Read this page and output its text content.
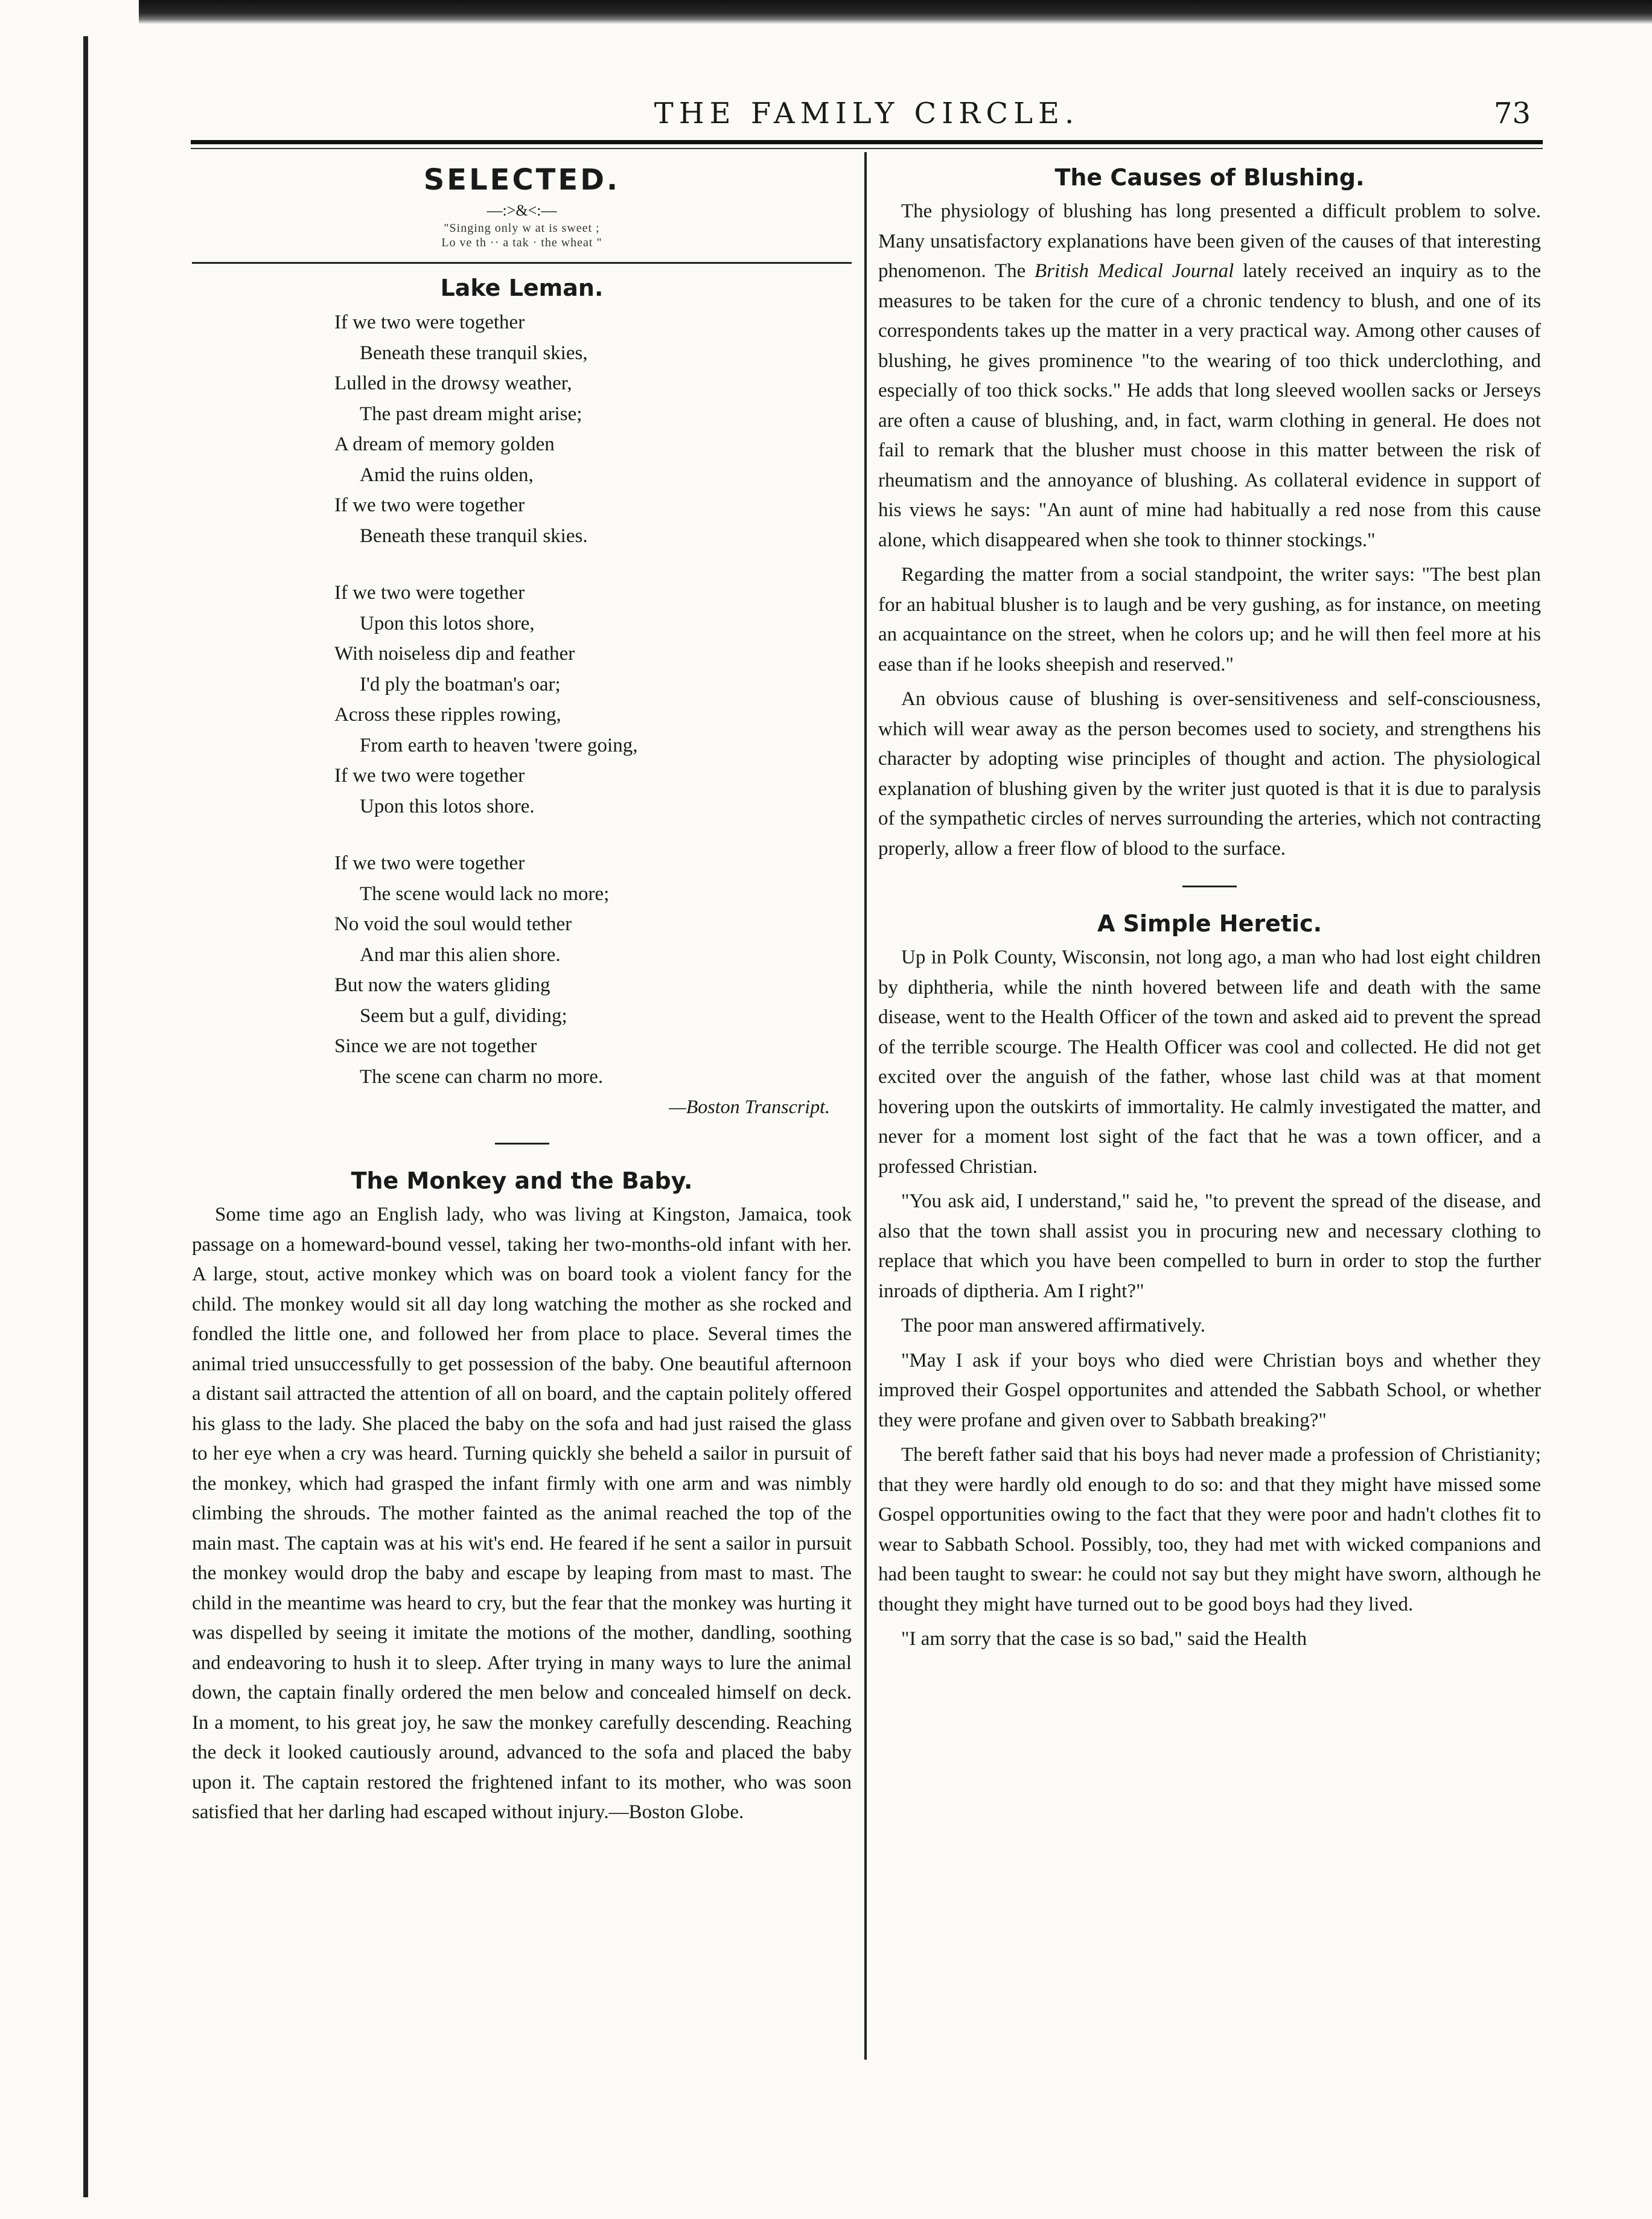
THE FAMILY CIRCLE.	73
SELECTED.
—:>&<:—
"Singing only w at is sweet ;
Lo ve th ·· a tak · the wheat "
Lake Leman.
If we two were together
Beneath these tranquil skies,
Lulled in the drowsy weather,
The past dream might arise;
A dream of memory golden
Amid the ruins olden,
If we two were together
Beneath these tranquil skies.
If we two were together
Upon this lotos shore,
With noiseless dip and feather
I'd ply the boatman's oar;
Across these ripples rowing,
From earth to heaven 'twere going,
If we two were together
Upon this lotos shore.
If we two were together
The scene would lack no more;
No void the soul would tether
And mar this alien shore.
But now the waters gliding
Seem but a gulf, dividing;
Since we are not together
The scene can charm no more.
—Boston Transcript.
The Monkey and the Baby.

Some time ago an English lady, who was living at Kingston, Jamaica, took passage on a homeward-bound vessel, taking her two-months-old infant with her. A large, stout, active monkey which was on board took a violent fancy for the child. The monkey would sit all day long watching the mother as she rocked and fondled the little one, and followed her from place to place. Several times the animal tried unsuccessfully to get possession of the baby. One beautiful afternoon a distant sail attracted the attention of all on board, and the captain politely offered his glass to the lady. She placed the baby on the sofa and had just raised the glass to her eye when a cry was heard. Turning quickly she beheld a sailor in pursuit of the monkey, which had grasped the infant firmly with one arm and was nimbly climbing the shrouds. The mother fainted as the animal reached the top of the main mast. The captain was at his wit's end. He feared if he sent a sailor in pursuit the monkey would drop the baby and escape by leaping from mast to mast. The child in the meantime was heard to cry, but the fear that the monkey was hurting it was dispelled by seeing it imitate the motions of the mother, dandling, soothing and endeavoring to hush it to sleep. After trying in many ways to lure the animal down, the captain finally ordered the men below and concealed himself on deck. In a moment, to his great joy, he saw the monkey carefully descending. Reaching the deck it looked cautiously around, advanced to the sofa and placed the baby upon it. The captain restored the frightened infant to its mother, who was soon satisfied that her darling had escaped without injury.—Boston Globe.

The Causes of Blushing.

The physiology of blushing has long presented a difficult problem to solve. Many unsatisfactory explanations have been given of the causes of that interesting phenomenon. The British Medical Journal lately received an inquiry as to the measures to be taken for the cure of a chronic tendency to blush, and one of its correspondents takes up the matter in a very practical way. Among other causes of blushing, he gives prominence "to the wearing of too thick underclothing, and especially of too thick socks." He adds that long sleeved woollen sacks or Jerseys are often a cause of blushing, and, in fact, warm clothing in general. He does not fail to remark that the blusher must choose in this matter between the risk of rheumatism and the annoyance of blushing. As collateral evidence in support of his views he says: "An aunt of mine had habitually a red nose from this cause alone, which disappeared when she took to thinner stockings."

Regarding the matter from a social standpoint, the writer says: "The best plan for an habitual blusher is to laugh and be very gushing, as for instance, on meeting an acquaintance on the street, when he colors up; and he will then feel more at his ease than if he looks sheepish and reserved."

An obvious cause of blushing is over-sensitiveness and self-consciousness, which will wear away as the person becomes used to society, and strengthens his character by adopting wise principles of thought and action. The physiological explanation of blushing given by the writer just quoted is that it is due to paralysis of the sympathetic circles of nerves surrounding the arteries, which not contracting properly, allow a freer flow of blood to the surface.

A Simple Heretic.

Up in Polk County, Wisconsin, not long ago, a man who had lost eight children by diphtheria, while the ninth hovered between life and death with the same disease, went to the Health Officer of the town and asked aid to prevent the spread of the terrible scourge. The Health Officer was cool and collected. He did not get excited over the anguish of the father, whose last child was at that moment hovering upon the outskirts of immortality. He calmly investigated the matter, and never for a moment lost sight of the fact that he was a town officer, and a professed Christian.

"You ask aid, I understand," said he, "to prevent the spread of the disease, and also that the town shall assist you in procuring new and necessary clothing to replace that which you have been compelled to burn in order to stop the further inroads of diptheria. Am I right?"

The poor man answered affirmatively.

"May I ask if your boys who died were Christian boys and whether they improved their Gospel opportunites and attended the Sabbath School, or whether they were profane and given over to Sabbath breaking?"

The bereft father said that his boys had never made a profession of Christianity; that they were hardly old enough to do so: and that they might have missed some Gospel opportunities owing to the fact that they were poor and hadn't clothes fit to wear to Sabbath School. Possibly, too, they had met with wicked companions and had been taught to swear: he could not say but they might have sworn, although he thought they might have turned out to be good boys had they lived.

"I am sorry that the case is so bad," said the Health
